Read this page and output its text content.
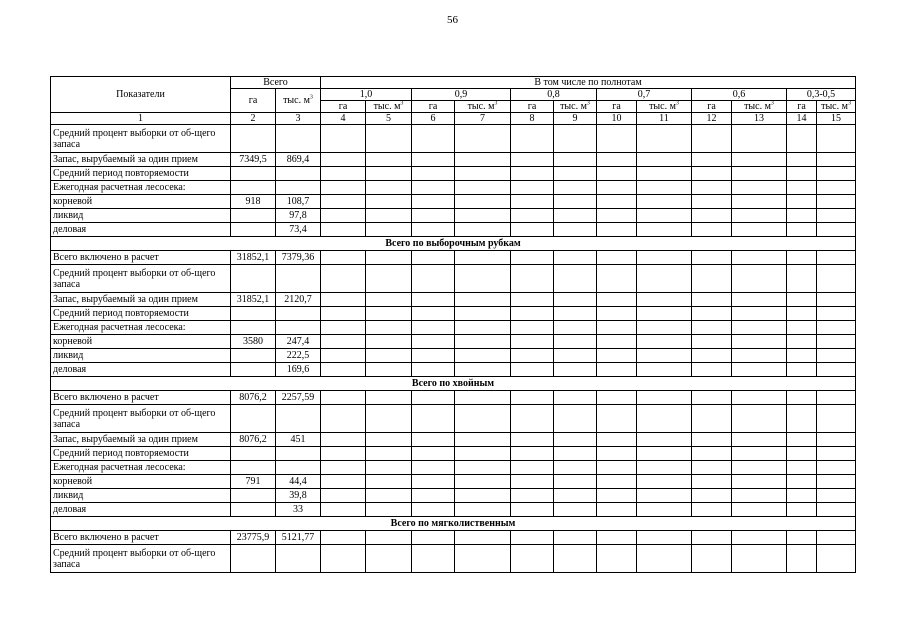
56
Показатели	Всего		В том числе по полнотам											
	га	тыс. $м^3$	1,0		0,9		0,8		0,7		0,6		0,3-0,5	
			га	тыс. $м^3$	га	тыс. $м^3$	га	тыс. $м^3$	га	тыс. $м^3$	га	тыс. $м^3$	га	тыс. $м^3$
1	2	3	4	5	6	7	8	9	10	11	12	13	14	15
Средний процент выборки от об-щего запаса														
Запас, вырубаемый за один прием	7349,5	869,4												
Средний период повторяемости														
Ежегодная расчетная лесосека:														
корневой	918	108,7												
ликвид		97,8												
деловая		73,4												
Всего по выборочным рубкам														
Всего включено в расчет	31852,1	7379,36												
Средний процент выборки от об-щего запаса														
Запас, вырубаемый за один прием	31852,1	2120,7												
Средний период повторяемости														
Ежегодная расчетная лесосека:														
корневой	3580	247,4												
ликвид		222,5												
деловая		169,6												
Всего по хвойным														
Всего включено в расчет	8076,2	2257,59												
Средний процент выборки от об-щего запаса														
Запас, вырубаемый за один прием	8076,2	451												
Средний период повторяемости														
Ежегодная расчетная лесосека:														
корневой	791	44,4												
ликвид		39,8												
деловая		33												
Всего по мягколиственным														
Всего включено в расчет	23775,9	5121,77												
Средний процент выборки от об-щего запаса														
